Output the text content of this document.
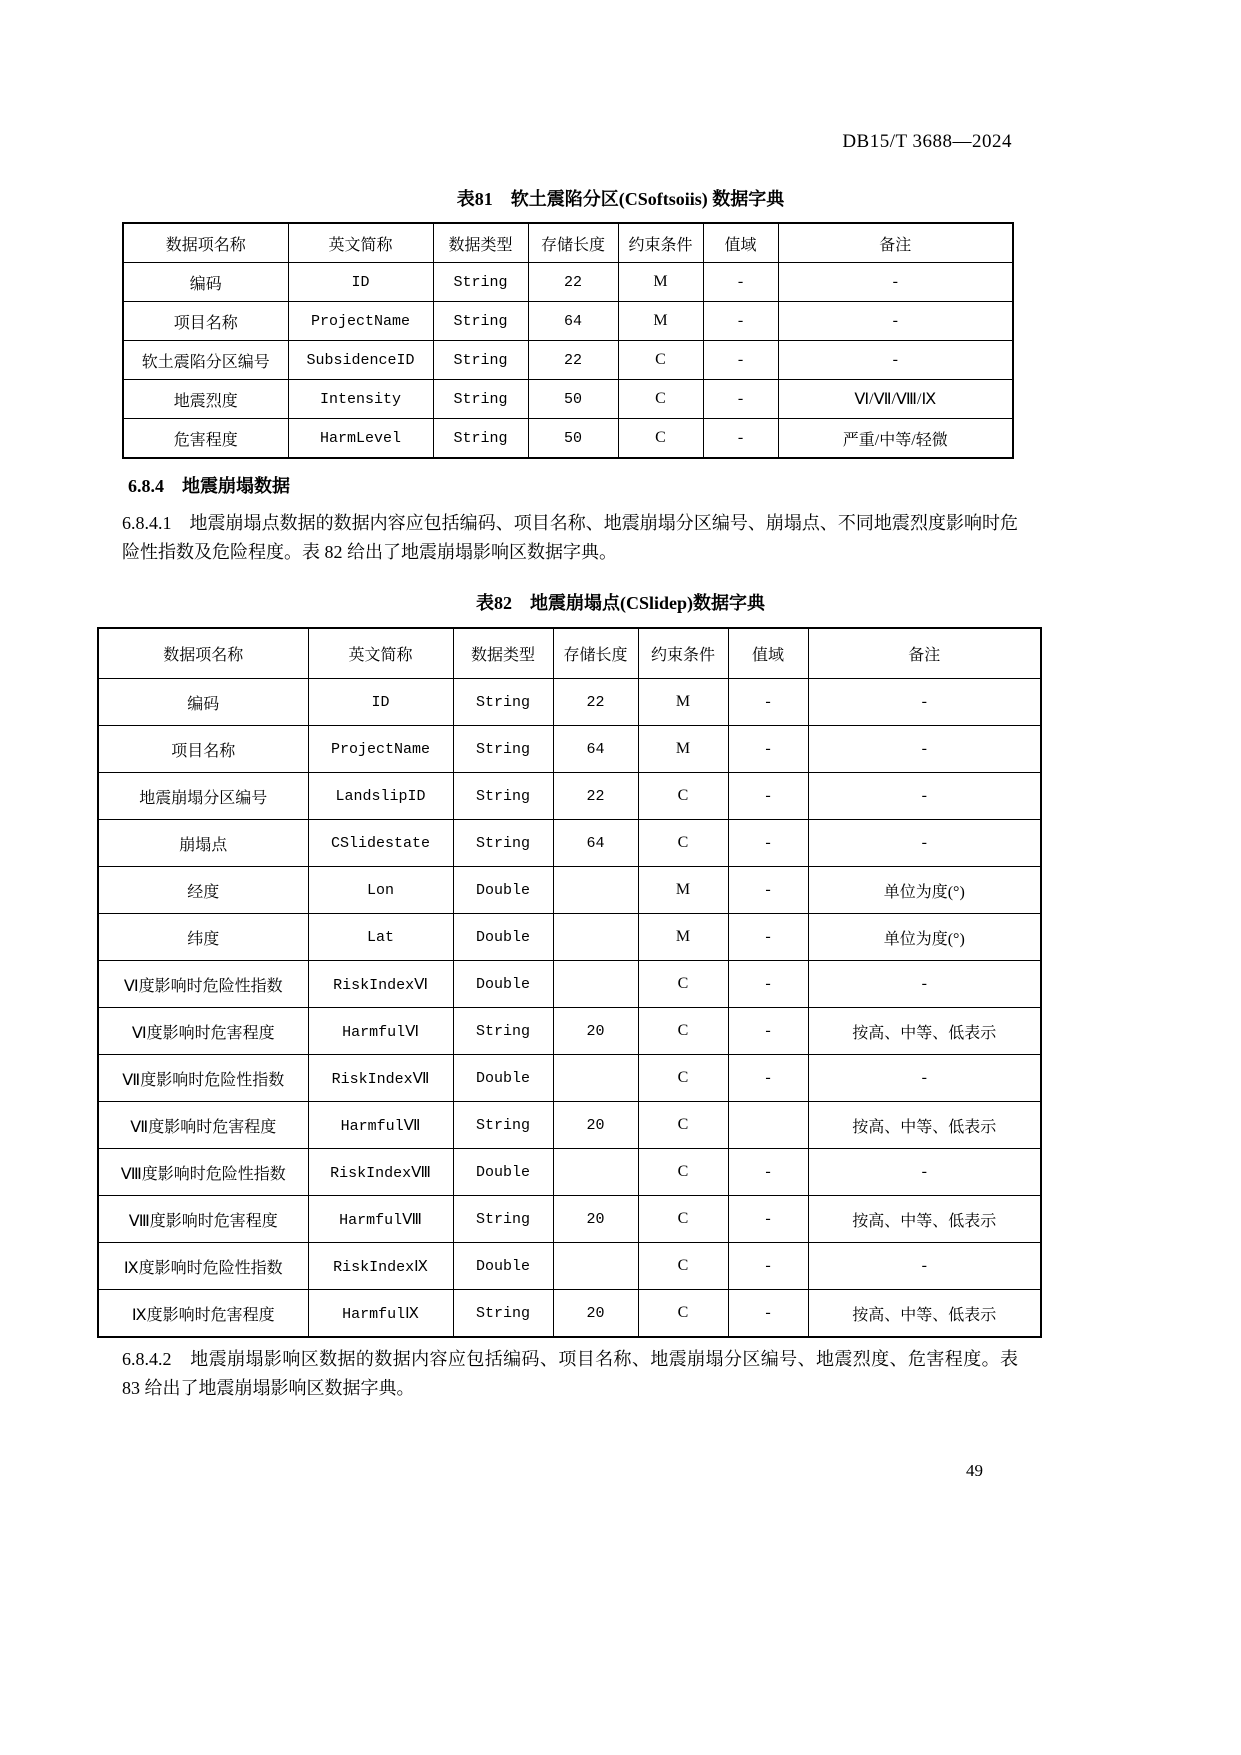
DB15/T 3688—2024
表81　软土震陷分区(CSoftsoiis) 数据字典
数据项名称	英文简称	数据类型	存储长度	约束条件	值域	备注
编码	ID	String	22	M	-	-
项目名称	ProjectName	String	64	M	-	-
软土震陷分区编号	SubsidenceID	String	22	C	-	-
地震烈度	Intensity	String	50	C	-	Ⅵ/Ⅶ/Ⅷ/Ⅸ
危害程度	HarmLevel	String	50	C	-	严重/中等/轻微
6.8.4　地震崩塌数据
6.8.4.1　地震崩塌点数据的数据内容应包括编码、项目名称、地震崩塌分区编号、崩塌点、不同地震烈度影响时危险性指数及危险程度。表 82 给出了地震崩塌影响区数据字典。
表82　地震崩塌点(CSlidep)数据字典
数据项名称	英文简称	数据类型	存储长度	约束条件	值域	备注
编码	ID	String	22	M	-	-
项目名称	ProjectName	String	64	M	-	-
地震崩塌分区编号	LandslipID	String	22	C	-	-
崩塌点	CSlidestate	String	64	C	-	-
经度	Lon	Double		M	-	单位为度(°)
纬度	Lat	Double		M	-	单位为度(°)
Ⅵ度影响时危险性指数	RiskIndexⅥ	Double		C	-	-
Ⅵ度影响时危害程度	HarmfulⅥ	String	20	C	-	按高、中等、低表示
Ⅶ度影响时危险性指数	RiskIndexⅦ	Double		C	-	-
Ⅶ度影响时危害程度	HarmfulⅦ	String	20	C		按高、中等、低表示
Ⅷ度影响时危险性指数	RiskIndexⅧ	Double		C	-	-
Ⅷ度影响时危害程度	HarmfulⅧ	String	20	C	-	按高、中等、低表示
Ⅸ度影响时危险性指数	RiskIndexⅨ	Double		C	-	-
Ⅸ度影响时危害程度	HarmfulⅨ	String	20	C	-	按高、中等、低表示
6.8.4.2　地震崩塌影响区数据的数据内容应包括编码、项目名称、地震崩塌分区编号、地震烈度、危害程度。表 83 给出了地震崩塌影响区数据字典。
49
